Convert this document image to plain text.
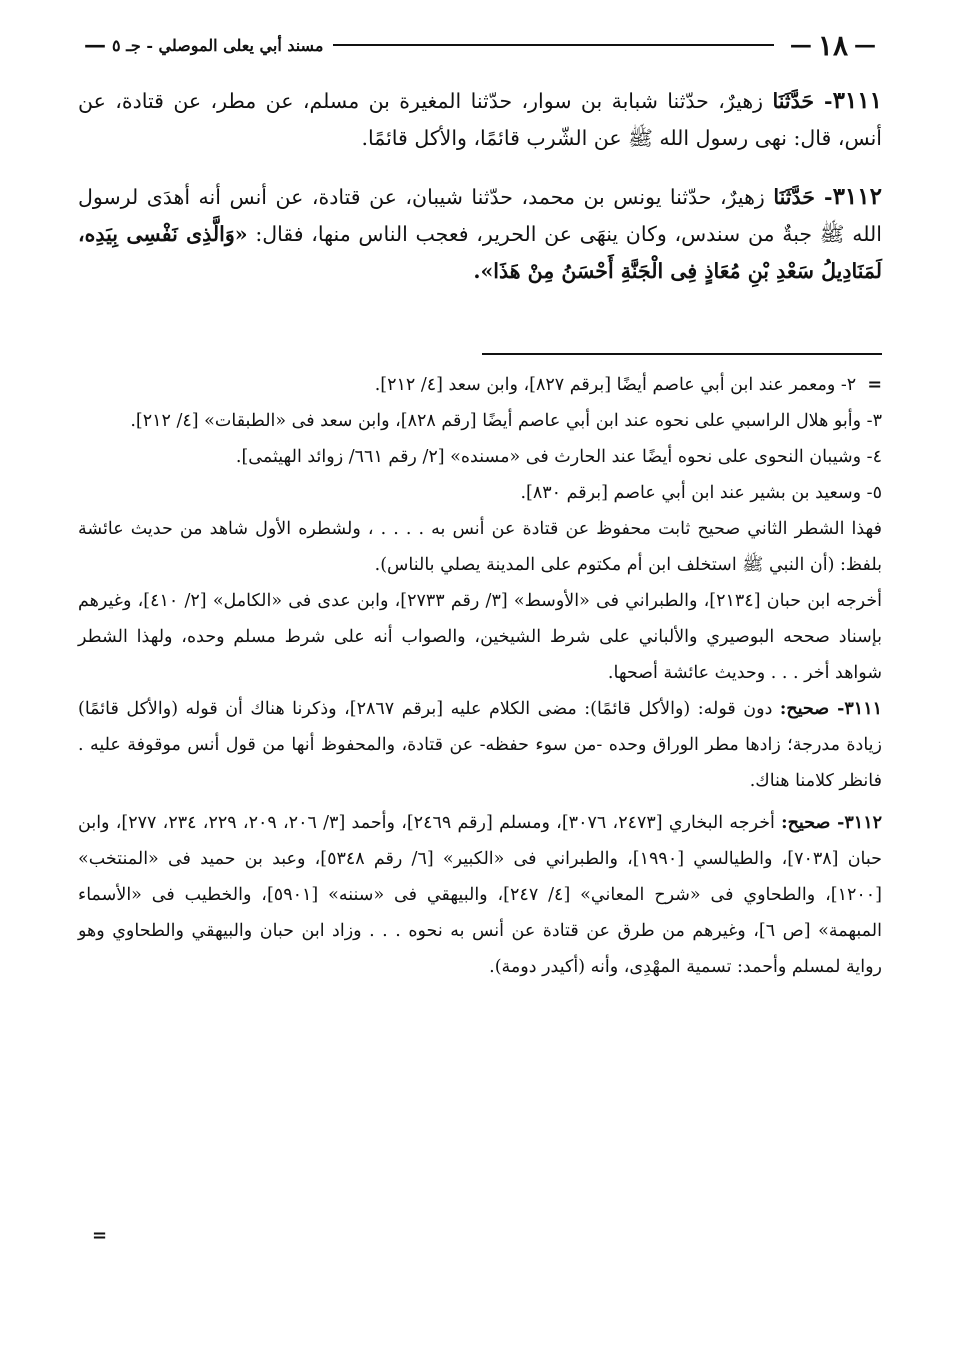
—
١٨
—
مسند أبي يعلى الموصلي - جـ ٥
—

٣١١١- حَدَّثَنَا زهيرٌ، حدّثنا شبابة بن سوار، حدّثنا المغيرة بن مسلم، عن مطر، عن قتادة، عن أنس، قال: نهى رسول الله ﷺ عن الشّرب قائمًا، والأكل قائمًا.

٣١١٢- حَدَّثَنَا زهيرٌ، حدّثنا يونس بن محمد، حدّثنا شيبان، عن قتادة، عن أنس أنه أهدَى لرسول الله ﷺ جبةٌ من سندس، وكان ينهَى عن الحرير، فعجب الناس منها، فقال: «وَالَّذِى نَفْسِى بِيَدِه، لَمَنَادِيلُ سَعْدِ بْنِ مُعَاذٍ فِى الْجَنَّةِ أَحْسَنُ مِنْ هَذَا».

=  ٢- ومعمر عند ابن أبي عاصم أيضًا [برقم ٨٢٧]، وابن سعد [٤/ ٢١٢].

٣- وأبو هلال الراسبي على نحوه عند ابن أبي عاصم أيضًا [رقم ٨٢٨]، وابن سعد فى «الطبقات» [٤/ ٢١٢].

٤- وشيبان النحوى على نحوه أيضًا عند الحارث فى «مسنده» [٢/ رقم ٦٦١/ زوائد الهيثمى].

٥- وسعيد بن بشير عند ابن أبي عاصم [برقم ٨٣٠].

فهذا الشطر الثاني صحيح ثابت محفوظ عن قتادة عن أنس به . . . . ، ولشطره الأول شاهد من حديث عائشة بلفظ: (أن النبي ﷺ استخلف ابن أم مكتوم على المدينة يصلي بالناس).

أخرجه ابن حبان [٢١٣٤]، والطبراني فى «الأوسط» [٣/ رقم ٢٧٣٣]، وابن عدى فى «الكامل» [٢/ ٤١٠]، وغيرهم بإسناد صححه البوصيري والألباني على شرط الشيخين، والصواب أنه على شرط مسلم وحده، ولهذا الشطر شواهد أخر . . . وحديث عائشة أصحها.

٣١١١- صحيح: دون قوله: (والأكل قائمًا): مضى الكلام عليه [برقم ٢٨٦٧]، وذكرنا هناك أن قوله (والأكل قائمًا) زيادة مدرجة؛ زادها مطر الوراق وحده -من سوء حفظه- عن قتادة، والمحفوظ أنها من قول أنس موقوفة عليه . فانظر كلامنا هناك.

٣١١٢- صحيح: أخرجه البخاري [٢٤٧٣، ٣٠٧٦]، ومسلم [رقم ٢٤٦٩]، وأحمد [٣/ ٢٠٦، ٢٠٩، ٢٢٩، ٢٣٤، ٢٧٧]، وابن حبان [٧٠٣٨]، والطيالسي [١٩٩٠]، والطبراني فى «الكبير» [٦/ رقم ٥٣٤٨]، وعبد بن حميد فى «المنتخب» [١٢٠٠]، والطحاوي فى «شرح المعاني» [٤/ ٢٤٧]، والبيهقي فى «سننه» [٥٩٠١]، والخطيب فى «الأسماء المبهمة» [ص ٦]، وغيرهم من طرق عن قتادة عن أنس به نحوه . . . وزاد ابن حبان والبيهقي والطحاوي وهو رواية لمسلم وأحمد: تسمية المهْدِى، وأنه (أكيدر دومة).

=
